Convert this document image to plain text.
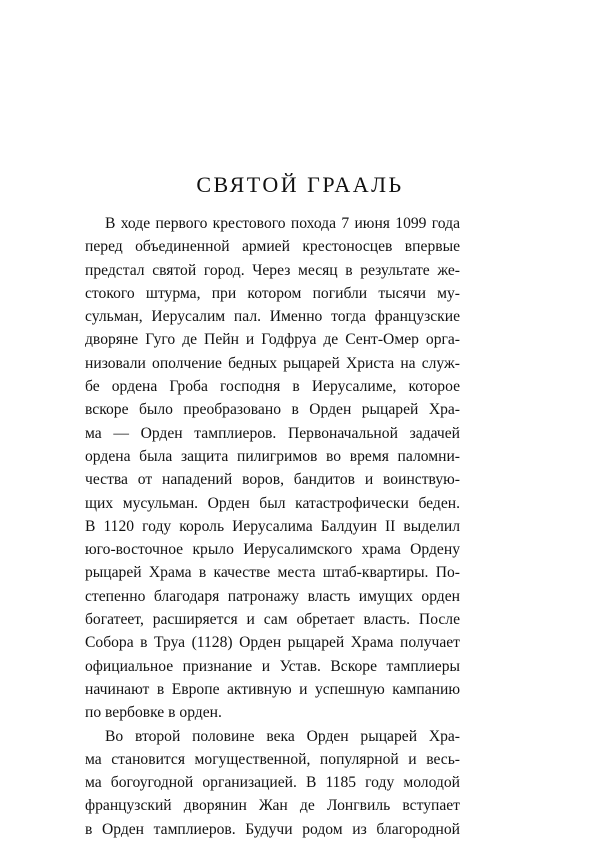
СВЯТОЙ ГРААЛЬ
В ходе первого крестового похода 7 июня 1099 года
перед объединенной армией крестоносцев впервые
предстал святой город. Через месяц в результате же-
стокого штурма, при котором погибли тысячи му-
сульман, Иерусалим пал. Именно тогда французские
дворяне Гуго де Пейн и Годфруа де Сент-Омер орга-
низовали ополчение бедных рыцарей Христа на служ-
бе ордена Гроба господня в Иерусалиме, которое
вскоре было преобразовано в Орден рыцарей Хра-
ма — Орден тамплиеров. Первоначальной задачей
ордена была защита пилигримов во время паломни-
чества от нападений воров, бандитов и воинствую-
щих мусульман. Орден был катастрофически беден.
В 1120 году король Иерусалима Балдуин II выделил
юго-восточное крыло Иерусалимского храма Ордену
рыцарей Храма в качестве места штаб-квартиры. По-
степенно благодаря патронажу власть имущих орден
богатеет, расширяется и сам обретает власть. После
Собора в Труа (1128) Орден рыцарей Храма получает
официальное признание и Устав. Вскоре тамплиеры
начинают в Европе активную и успешную кампанию
по вербовке в орден.
Во второй половине века Орден рыцарей Хра-
ма становится могущественной, популярной и весь-
ма богоугодной организацией. В 1185 году молодой
французский дворянин Жан де Лонгвиль вступает
в Орден тамплиеров. Будучи родом из благородной
